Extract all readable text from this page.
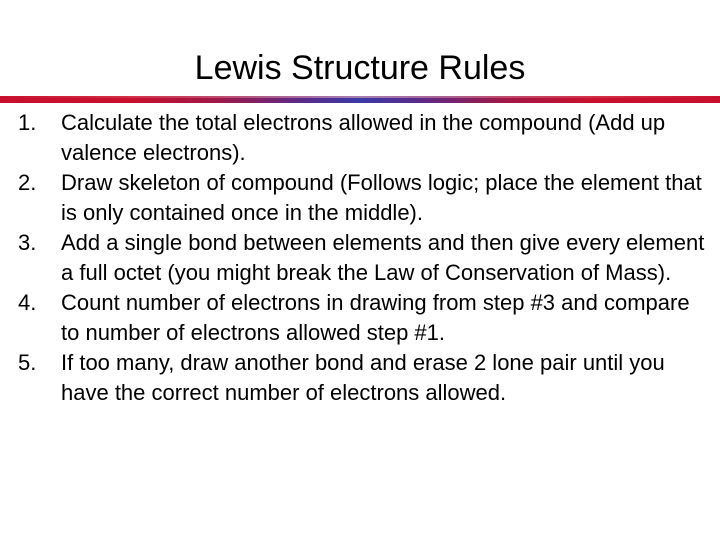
Lewis Structure Rules
1.	Calculate the total electrons allowed in the compound (Add up valence electrons).
2.	Draw skeleton of compound (Follows logic; place the element that is only contained once in the middle).
3.	Add a single bond between elements and then give every element a full octet (you might break the Law of Conservation of Mass).
4.	Count number of electrons in drawing from step #3 and compare to number of electrons allowed step #1.
5.	If too many, draw another bond and erase 2 lone pair until you have the correct number of electrons allowed.
